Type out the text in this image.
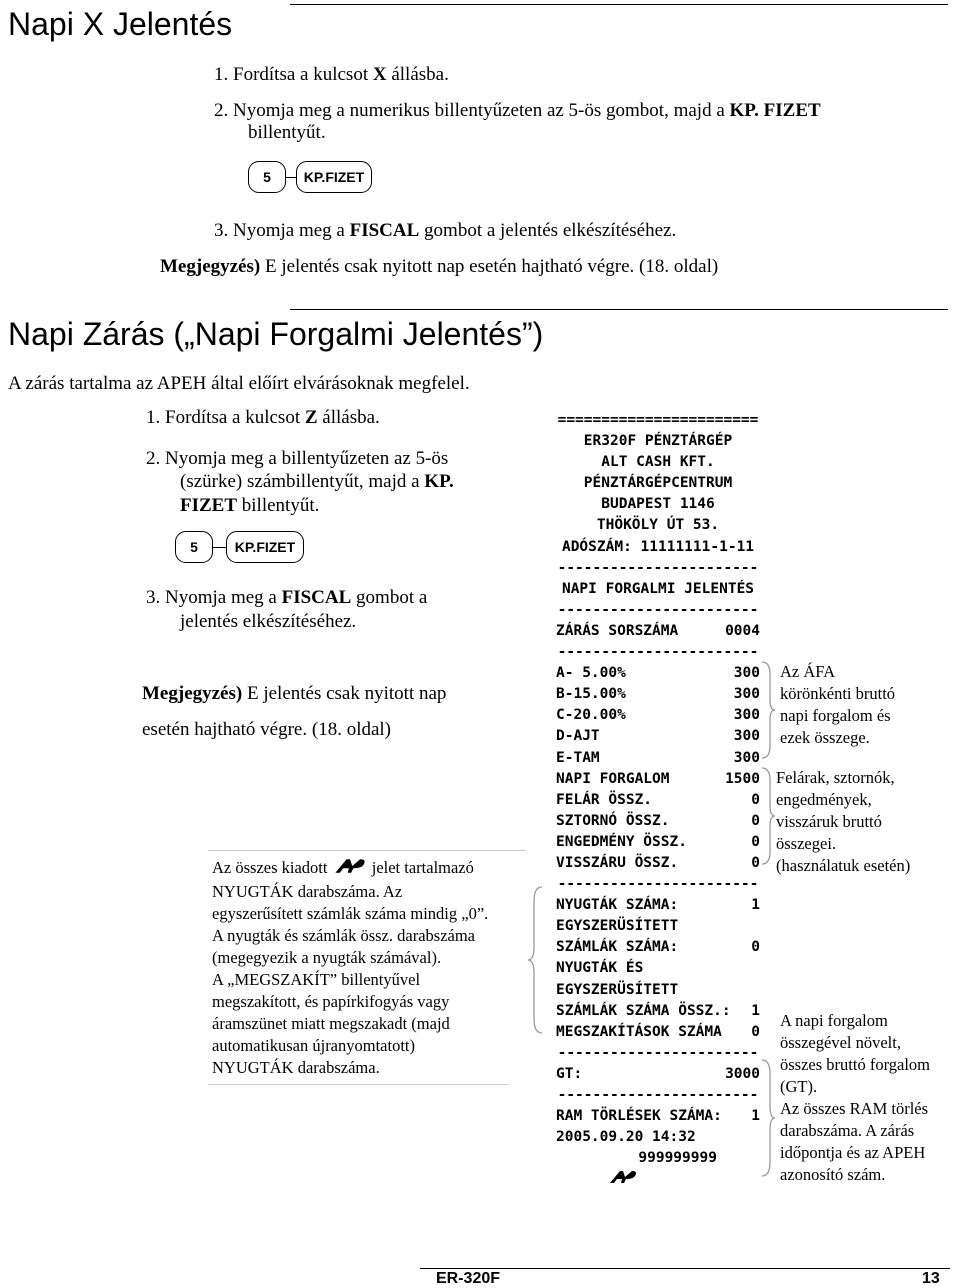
Napi X Jelentés
1. Fordítsa a kulcsot X állásba.
2. Nyomja meg a numerikus billentyűzeten az 5-ös gombot, majd a KP. FIZET
billentyűt.
5	KP.FIZET
3. Nyomja meg a FISCAL gombot a jelentés elkészítéséhez.
Megjegyzés) E jelentés csak nyitott nap esetén hajtható végre. (18. oldal)
Napi Zárás („Napi Forgalmi Jelentés”)
A zárás tartalma az APEH által előírt elvárásoknak megfelel.
1. Fordítsa a kulcsot Z állásba.
2. Nyomja meg a billentyűzeten az 5-ös
(szürke) számbillentyűt, majd a KP.
FIZET billentyűt.
5	KP.FIZET
3. Nyomja meg a FISCAL gombot a
jelentés elkészítéséhez.
Megjegyzés) E jelentés csak nyitott nap
esetén hajtható végre. (18. oldal)
=======================
ER320F PÉNZTÁRGÉP
ALT CASH KFT.
PÉNZTÁRGÉPCENTRUM
BUDAPEST 1146
THÖKÖLY ÚT 53.
ADÓSZÁM: 11111111-1-11
-----------------------
NAPI FORGALMI JELENTÉS
-----------------------
ZÁRÁS SORSZÁMA	0004
-----------------------
A- 5.00%	300
B-15.00%	300
C-20.00%	300
D-AJT	300
E-TAM	300
NAPI FORGALOM	1500
FELÁR ÖSSZ.	0
SZTORNÓ ÖSSZ.	0
ENGEDMÉNY ÖSSZ.	0
VISSZÁRU ÖSSZ.	0
-----------------------
NYUGTÁK SZÁMA:	1
EGYSZERÜSÍTETT
SZÁMLÁK SZÁMA:	0
NYUGTÁK ÉS
EGYSZERÜSÍTETT
SZÁMLÁK SZÁMA ÖSSZ.:	1
MEGSZAKÍTÁSOK SZÁMA	0
-----------------------
GT:	3000
-----------------------
RAM TÖRLÉSEK SZÁMA:	1
2005.09.20 14:32

999999999
Az ÁFA
körönkénti bruttó
napi forgalom és
ezek összege.
Felárak, sztornók,
engedmények,
visszáruk bruttó
összegei.
(használatuk esetén)
Az összes kiadott  jelet tartalmazó
NYUGTÁK darabszáma. Az
egyszerűsített számlák száma mindig „0”.
A nyugták és számlák össz. darabszáma
(megegyezik a nyugták számával).
A „MEGSZAKÍT” billentyűvel
megszakított, és papírkifogyás vagy
áramszünet miatt megszakadt (majd
automatikusan újranyomtatott)
NYUGTÁK darabszáma.
A napi forgalom
összegével növelt,
összes bruttó forgalom
(GT).
Az összes RAM törlés
darabszáma. A zárás
időpontja és az APEH
azonosító szám.
ER-320F	13
